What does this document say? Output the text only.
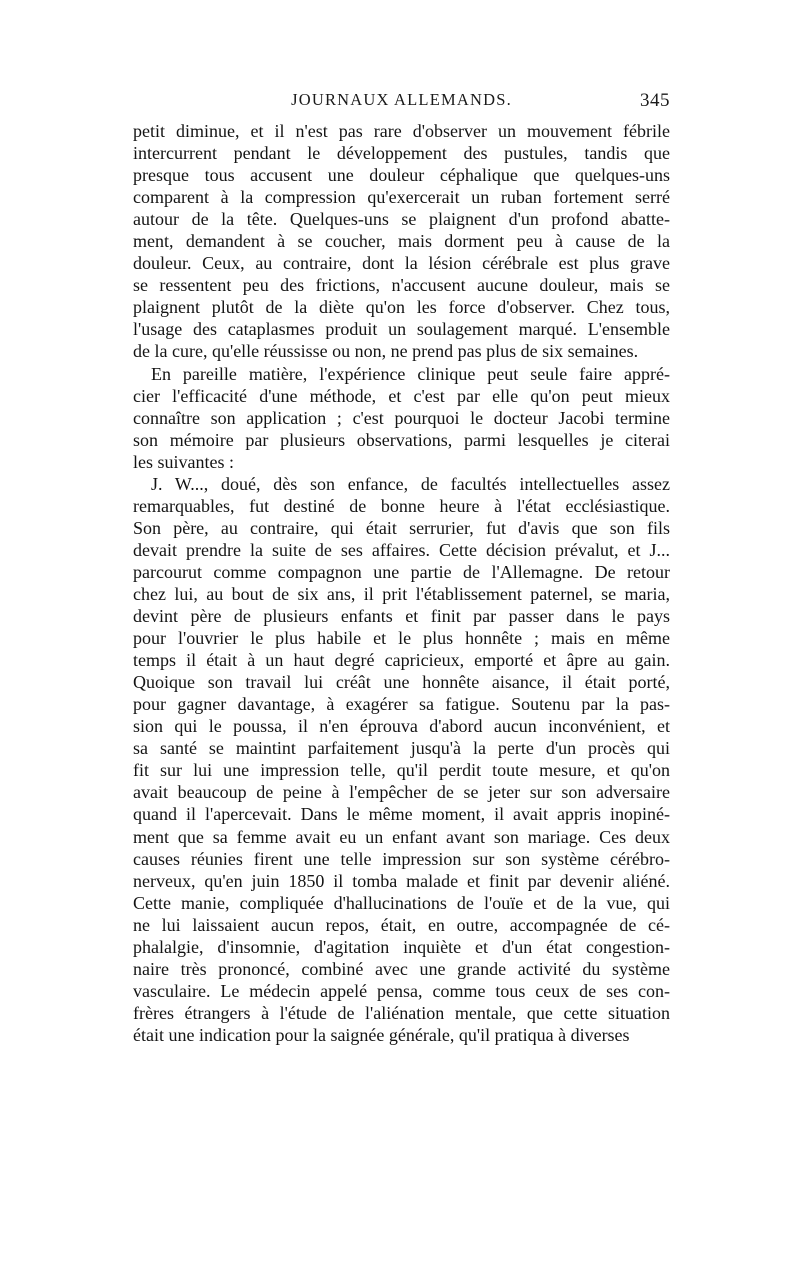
JOURNAUX ALLEMANDS.	345
petit diminue, et il n'est pas rare d'observer un mouvement fébrile
intercurrent pendant le développement des pustules, tandis que
presque tous accusent une douleur céphalique que quelques-uns
comparent à la compression qu'exercerait un ruban fortement serré
autour de la tête. Quelques-uns se plaignent d'un profond abatte-
ment, demandent à se coucher, mais dorment peu à cause de la
douleur. Ceux, au contraire, dont la lésion cérébrale est plus grave
se ressentent peu des frictions, n'accusent aucune douleur, mais se
plaignent plutôt de la diète qu'on les force d'observer. Chez tous,
l'usage des cataplasmes produit un soulagement marqué. L'ensemble
de la cure, qu'elle réussisse ou non, ne prend pas plus de six semaines.
En pareille matière, l'expérience clinique peut seule faire appré-
cier l'efficacité d'une méthode, et c'est par elle qu'on peut mieux
connaître son application ; c'est pourquoi le docteur Jacobi termine
son mémoire par plusieurs observations, parmi lesquelles je citerai
les suivantes :
J. W..., doué, dès son enfance, de facultés intellectuelles assez
remarquables, fut destiné de bonne heure à l'état ecclésiastique.
Son père, au contraire, qui était serrurier, fut d'avis que son fils
devait prendre la suite de ses affaires. Cette décision prévalut, et J...
parcourut comme compagnon une partie de l'Allemagne. De retour
chez lui, au bout de six ans, il prit l'établissement paternel, se maria,
devint père de plusieurs enfants et finit par passer dans le pays
pour l'ouvrier le plus habile et le plus honnête ; mais en même
temps il était à un haut degré capricieux, emporté et âpre au gain.
Quoique son travail lui créât une honnête aisance, il était porté,
pour gagner davantage, à exagérer sa fatigue. Soutenu par la pas-
sion qui le poussa, il n'en éprouva d'abord aucun inconvénient, et
sa santé se maintint parfaitement jusqu'à la perte d'un procès qui
fit sur lui une impression telle, qu'il perdit toute mesure, et qu'on
avait beaucoup de peine à l'empêcher de se jeter sur son adversaire
quand il l'apercevait. Dans le même moment, il avait appris inopiné-
ment que sa femme avait eu un enfant avant son mariage. Ces deux
causes réunies firent une telle impression sur son système cérébro-
nerveux, qu'en juin 1850 il tomba malade et finit par devenir aliéné.
Cette manie, compliquée d'hallucinations de l'ouïe et de la vue, qui
ne lui laissaient aucun repos, était, en outre, accompagnée de cé-
phalalgie, d'insomnie, d'agitation inquiète et d'un état congestion-
naire très prononcé, combiné avec une grande activité du système
vasculaire. Le médecin appelé pensa, comme tous ceux de ses con-
frères étrangers à l'étude de l'aliénation mentale, que cette situation
était une indication pour la saignée générale, qu'il pratiqua à diverses
